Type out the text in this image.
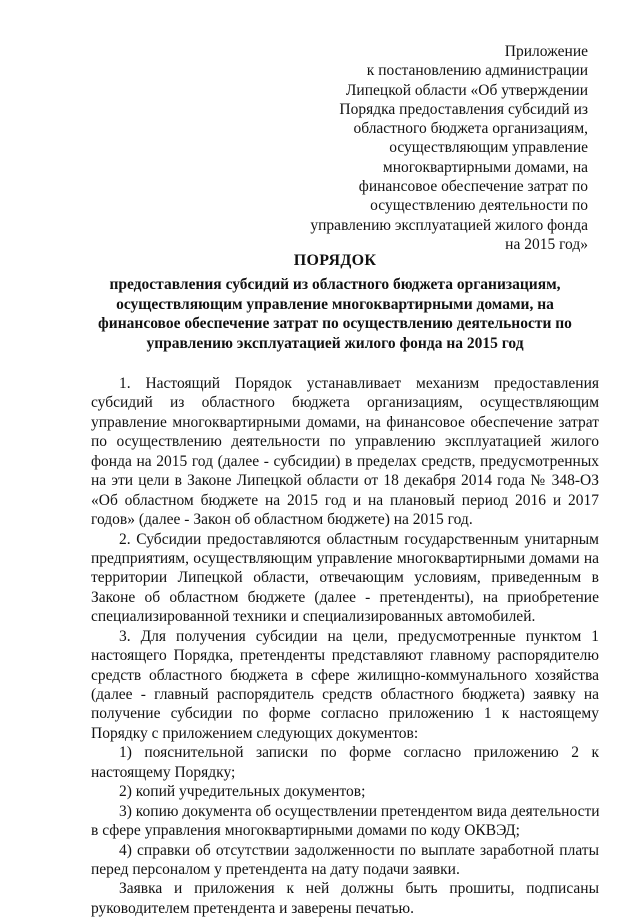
Приложение
к постановлению администрации
Липецкой области «Об утверждении
Порядка предоставления субсидий из
областного бюджета организациям,
осуществляющим управление
многоквартирными домами, на
финансовое обеспечение затрат по
осуществлению деятельности по
управлению эксплуатацией жилого фонда
на 2015 год»
ПОРЯДОК
предоставления субсидий из областного бюджета организациям,
осуществляющим управление многоквартирными домами, на
финансовое обеспечение затрат по осуществлению деятельности по
управлению эксплуатацией жилого фонда на 2015 год
1. Настоящий Порядок устанавливает механизм предоставления
субсидий из областного бюджета организациям, осуществляющим
управление многоквартирными домами, на финансовое обеспечение затрат
по осуществлению деятельности по управлению эксплуатацией жилого
фонда на 2015 год (далее - субсидии) в пределах средств, предусмотренных
на эти цели в Законе Липецкой области от 18 декабря 2014 года № 348-ОЗ
«Об областном бюджете на 2015 год и на плановый период 2016 и 2017
годов» (далее - Закон об областном бюджете) на 2015 год.
2. Субсидии предоставляются областным государственным унитарным
предприятиям, осуществляющим управление многоквартирными домами на
территории Липецкой области, отвечающим условиям, приведенным в
Законе об областном бюджете (далее - претенденты), на приобретение
специализированной техники и специализированных автомобилей.
3. Для получения субсидии на цели, предусмотренные пунктом 1
настоящего Порядка, претенденты представляют главному распорядителю
средств областного бюджета в сфере жилищно-коммунального хозяйства
(далее - главный распорядитель средств областного бюджета) заявку на
получение субсидии по форме согласно приложению 1 к настоящему
Порядку с приложением следующих документов:
1) пояснительной записки по форме согласно приложению 2 к
настоящему Порядку;
2) копий учредительных документов;
3) копию документа об осуществлении претендентом вида деятельности
в сфере управления многоквартирными домами по коду ОКВЭД;
4) справки об отсутствии задолженности по выплате заработной платы
перед персоналом у претендента на дату подачи заявки.
Заявка и приложения к ней должны быть прошиты, подписаны
руководителем претендента и заверены печатью.
